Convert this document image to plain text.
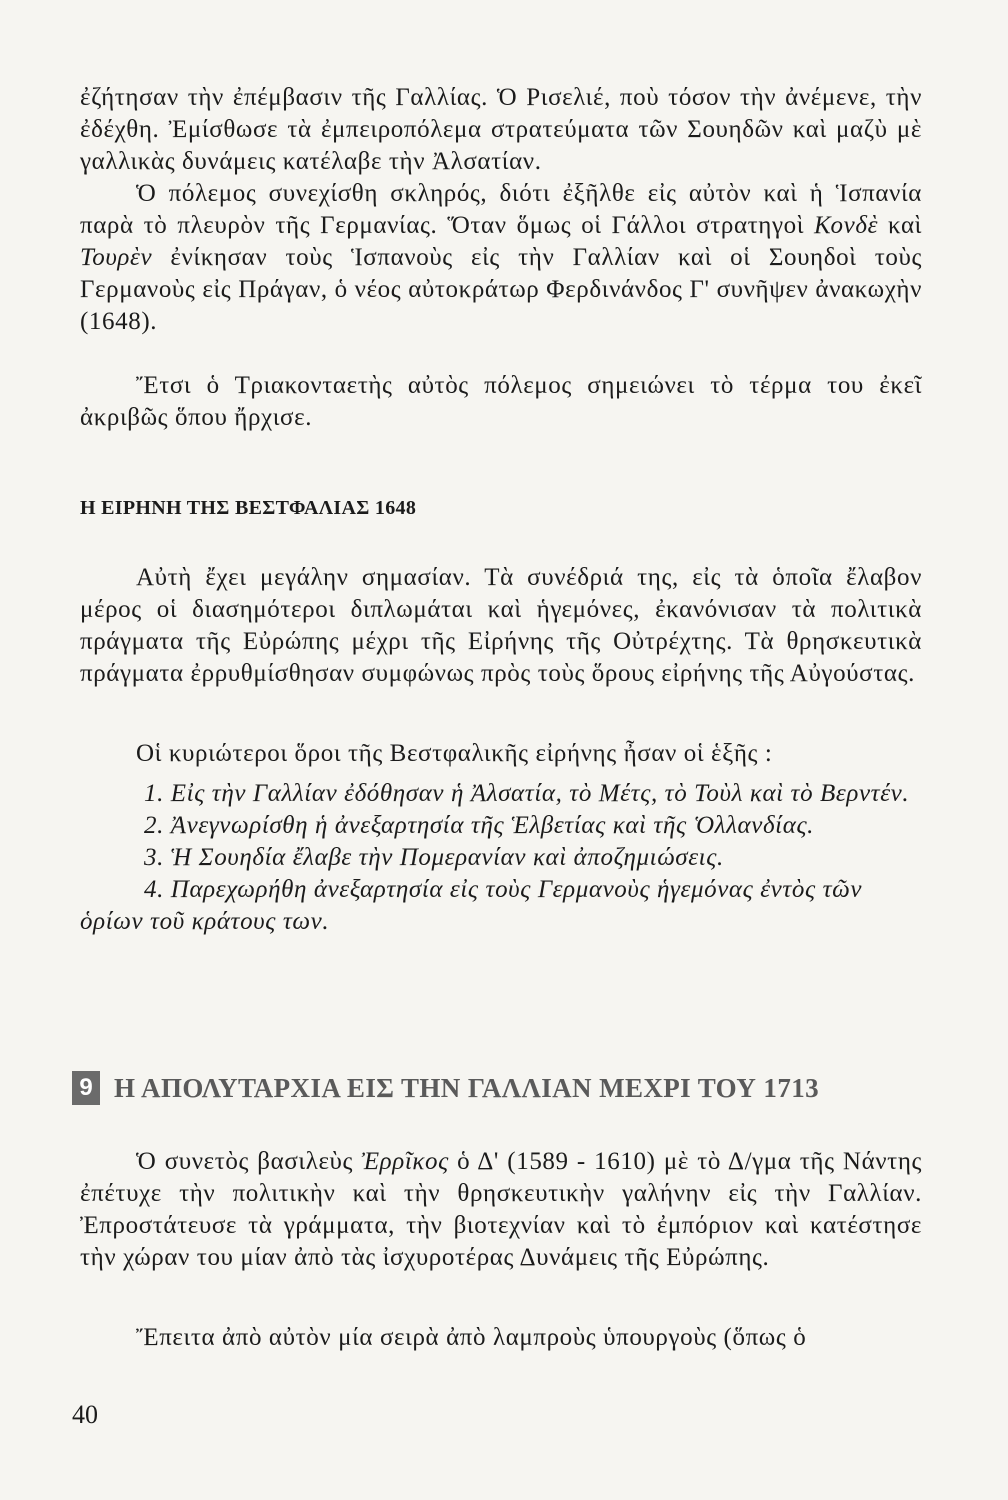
ἐζήτησαν τὴν ἐπέμβασιν τῆς Γαλλίας. Ὁ Ρισελιέ, ποὺ τόσον τὴν ἀνέμενε, τὴν ἐδέχθη. Ἐμίσθωσε τὰ ἐμπειροπόλεμα στρατεύματα τῶν Σουηδῶν καὶ μαζὺ μὲ γαλλικὰς δυνάμεις κατέλαβε τὴν Ἀλσατίαν.

Ὁ πόλεμος συνεχίσθη σκληρός, διότι ἐξῆλθε εἰς αὐτὸν καὶ ἡ Ἱσπανία παρὰ τὸ πλευρὸν τῆς Γερμανίας. Ὅταν ὅμως οἱ Γάλλοι στρατηγοὶ Κονδὲ καὶ Τουρὲν ἐνίκησαν τοὺς Ἱσπανοὺς εἰς τὴν Γαλλίαν καὶ οἱ Σουηδοὶ τοὺς Γερμανοὺς εἰς Πράγαν, ὁ νέος αὐτοκράτωρ Φερδινάνδος Γ' συνῆψεν ἀνακωχὴν (1648).

Ἔτσι ὁ Τριακονταετὴς αὐτὸς πόλεμος σημειώνει τὸ τέρμα του ἐκεῖ ἀκριβῶς ὅπου ἤρχισε.

Η ΕΙΡΗΝΗ ΤΗΣ ΒΕΣΤΦΑΛΙΑΣ 1648

Αὐτὴ ἔχει μεγάλην σημασίαν. Τὰ συνέδριά της, εἰς τὰ ὁποῖα ἔλαβον μέρος οἱ διασημότεροι διπλωμάται καὶ ἡγεμόνες, ἐκανόνισαν τὰ πολιτικὰ πράγματα τῆς Εὐρώπης μέχρι τῆς Εἰρήνης τῆς Οὐτρέχτης. Τὰ θρησκευτικὰ πράγματα ἐρρυθμίσθησαν συμφώνως πρὸς τοὺς ὅρους εἰρήνης τῆς Αὐγούστας.

Οἱ κυριώτεροι ὅροι τῆς Βεστφαλικῆς εἰρήνης ἦσαν οἱ ἑξῆς :

1. Εἰς τὴν Γαλλίαν ἐδόθησαν ἡ Ἀλσατία, τὸ Μέτς, τὸ Τοὺλ καὶ τὸ Βερντέν.

2. Ἀνεγνωρίσθη ἡ ἀνεξαρτησία τῆς Ἑλβετίας καὶ τῆς Ὁλλανδίας.

3. Ἡ Σουηδία ἔλαβε τὴν Πομερανίαν καὶ ἀποζημιώσεις.

4. Παρεχωρήθη ἀνεξαρτησία εἰς τοὺς Γερμανοὺς ἡγεμόνας ἐντὸς τῶν ὁρίων τοῦ κράτους των.

9 Η ΑΠΟΛΥΤΑΡΧΙΑ ΕΙΣ ΤΗΝ ΓΑΛΛΙΑΝ ΜΕΧΡΙ ΤΟΥ 1713

Ὁ συνετὸς βασιλεὺς Ἐρρῖκος ὁ Δ' (1589 - 1610) μὲ τὸ Δ/γμα τῆς Νάντης ἐπέτυχε τὴν πολιτικὴν καὶ τὴν θρησκευτικὴν γαλήνην εἰς τὴν Γαλλίαν. Ἐπροστάτευσε τὰ γράμματα, τὴν βιοτεχνίαν καὶ τὸ ἐμπόριον καὶ κατέστησε τὴν χώραν του μίαν ἀπὸ τὰς ἰσχυροτέρας Δυνάμεις τῆς Εὐρώπης.

Ἔπειτα ἀπὸ αὐτὸν μία σειρὰ ἀπὸ λαμπροὺς ὑπουργοὺς (ὅπως ὁ

40
